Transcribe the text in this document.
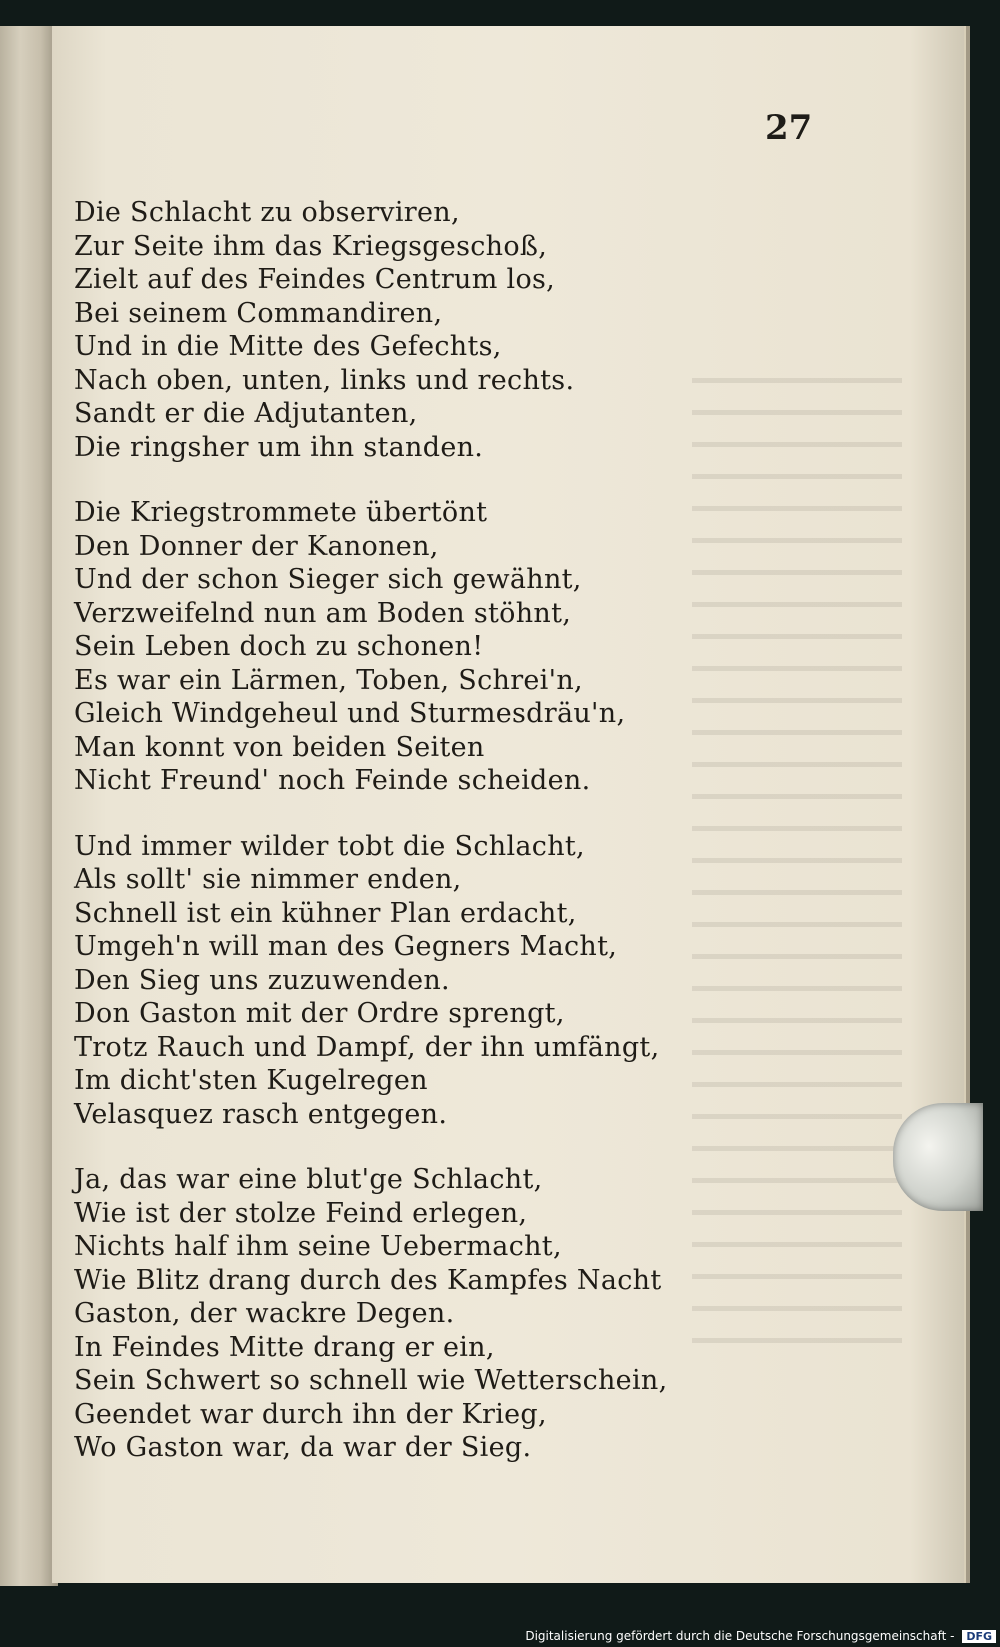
27
Die Schlacht zu observiren,
Zur Seite ihm das Kriegsgeschoß,
Zielt auf des Feindes Centrum los,
Bei seinem Commandiren,
Und in die Mitte des Gefechts,
Nach oben, unten, links und rechts.
Sandt er die Adjutanten,
Die ringsher um ihn standen.
Die Kriegstrommete übertönt
Den Donner der Kanonen,
Und der schon Sieger sich gewähnt,
Verzweifelnd nun am Boden stöhnt,
Sein Leben doch zu schonen!
Es war ein Lärmen, Toben, Schrei'n,
Gleich Windgeheul und Sturmesdräu'n,
Man konnt von beiden Seiten
Nicht Freund' noch Feinde scheiden.
Und immer wilder tobt die Schlacht,
Als sollt' sie nimmer enden,
Schnell ist ein kühner Plan erdacht,
Umgeh'n will man des Gegners Macht,
Den Sieg uns zuzuwenden.
Don Gaston mit der Ordre sprengt,
Trotz Rauch und Dampf, der ihn umfängt,
Im dicht'sten Kugelregen
Velasquez rasch entgegen.
Ja, das war eine blut'ge Schlacht,
Wie ist der stolze Feind erlegen,
Nichts half ihm seine Uebermacht,
Wie Blitz drang durch des Kampfes Nacht
Gaston, der wackre Degen.
In Feindes Mitte drang er ein,
Sein Schwert so schnell wie Wetterschein,
Geendet war durch ihn der Krieg,
Wo Gaston war, da war der Sieg.
Digitalisierung gefördert durch die Deutsche Forschungsgemeinschaft - DFG
